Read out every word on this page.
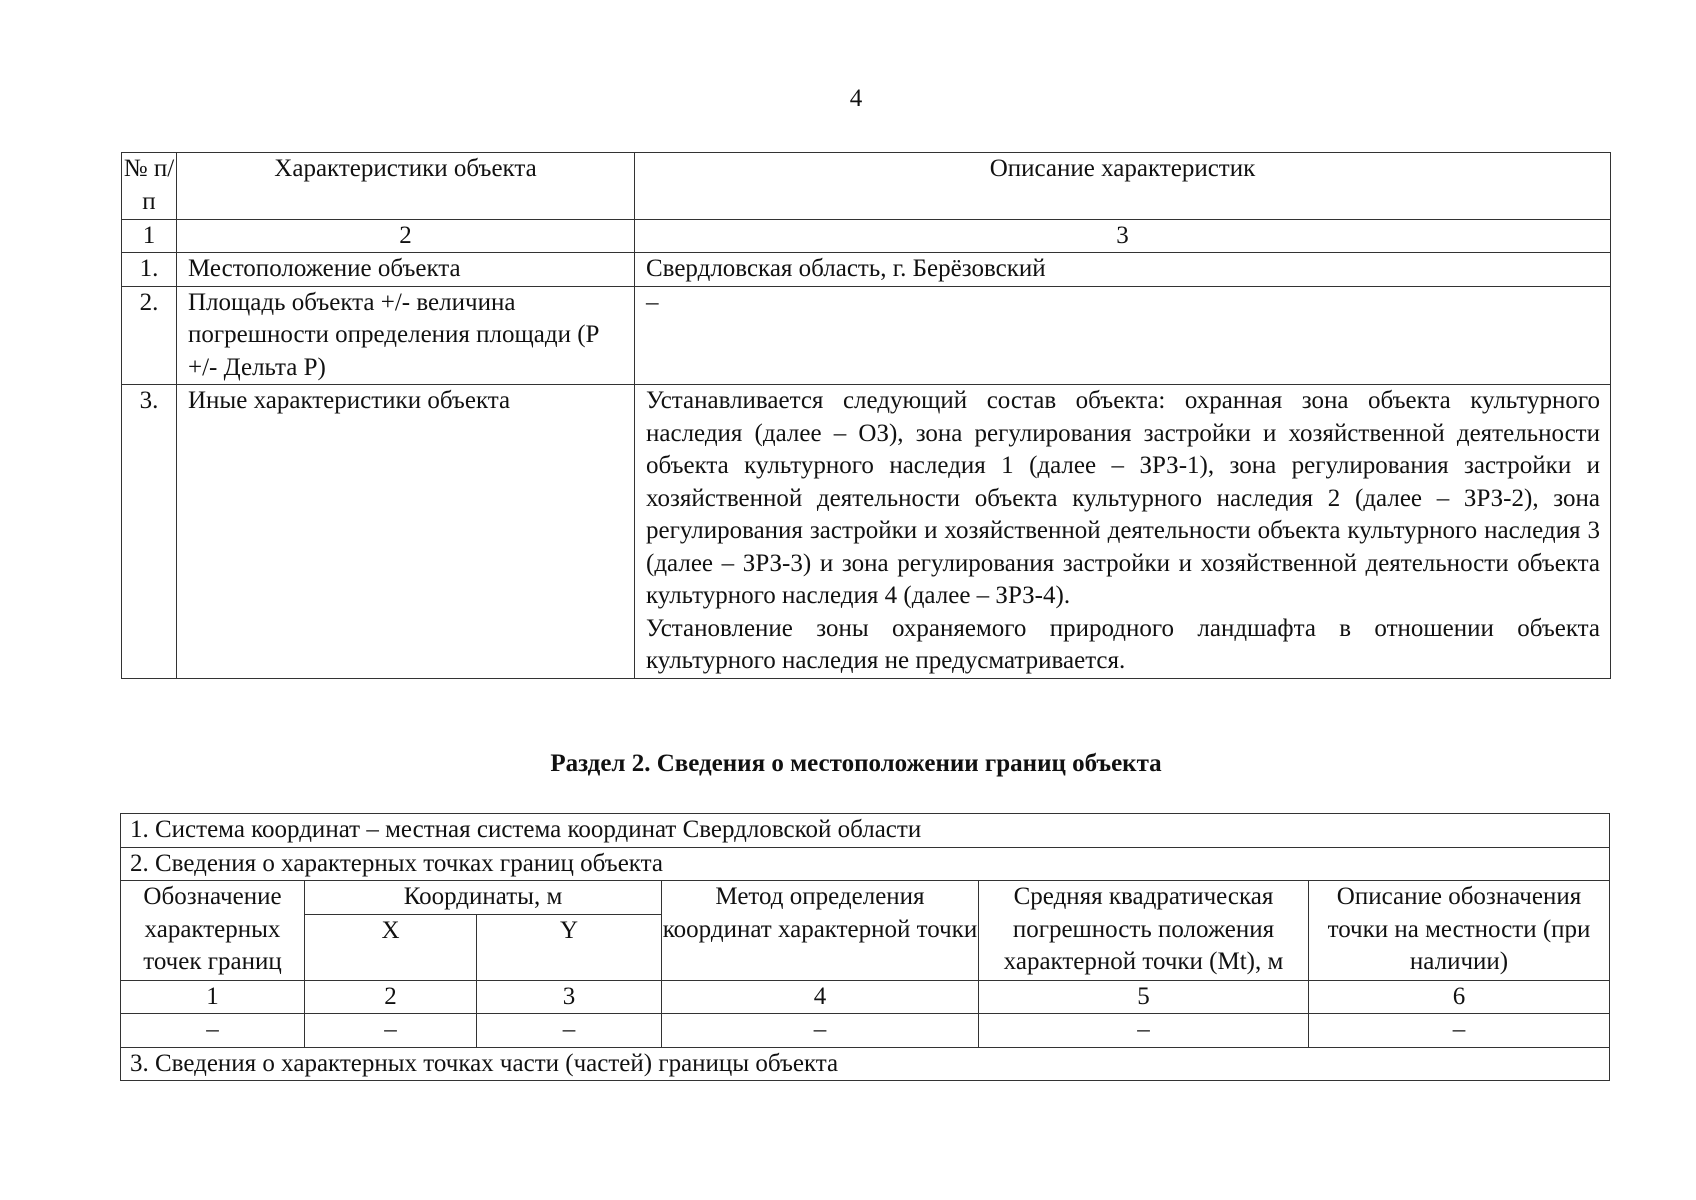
4
№ п/п	Характеристики объекта	Описание характеристик
1	2	3
1.	Местоположение объекта	Свердловская область, г. Берёзовский
2.	Площадь объекта +/- величина погрешности определения площади (Р +/- Дельта Р)	–
3.	Иные характеристики объекта	Устанавливается следующий состав объекта: охранная зона объекта культурного наследия (далее – ОЗ), зона регулирования застройки и хозяйственной деятельности объекта культурного наследия 1 (далее – ЗРЗ-1), зона регулирования застройки и хозяйственной деятельности объекта культурного наследия 2 (далее – ЗРЗ-2), зона регулирования застройки и хозяйственной деятельности объекта культурного наследия 3 (далее – ЗРЗ-3) и зона регулирования застройки и хозяйственной деятельности объекта культурного наследия 4 (далее – ЗРЗ-4).
Установление зоны охраняемого природного ландшафта в отношении объекта культурного наследия не предусматривается.
Раздел 2. Сведения о местоположении границ объекта
1. Система координат – местная система координат Свердловской области					
2. Сведения о характерных точках границ объекта					
Обозначение характерных точек границ	Координаты, м		Метод определения координат характерной точки	Средняя квадратическая погрешность положения характерной точки (Mt), м	Описание обозначения точки на местности (при наличии)
	X	Y			
1	2	3	4	5	6
–	–	–	–	–	–
3. Сведения о характерных точках части (частей) границы объекта					
